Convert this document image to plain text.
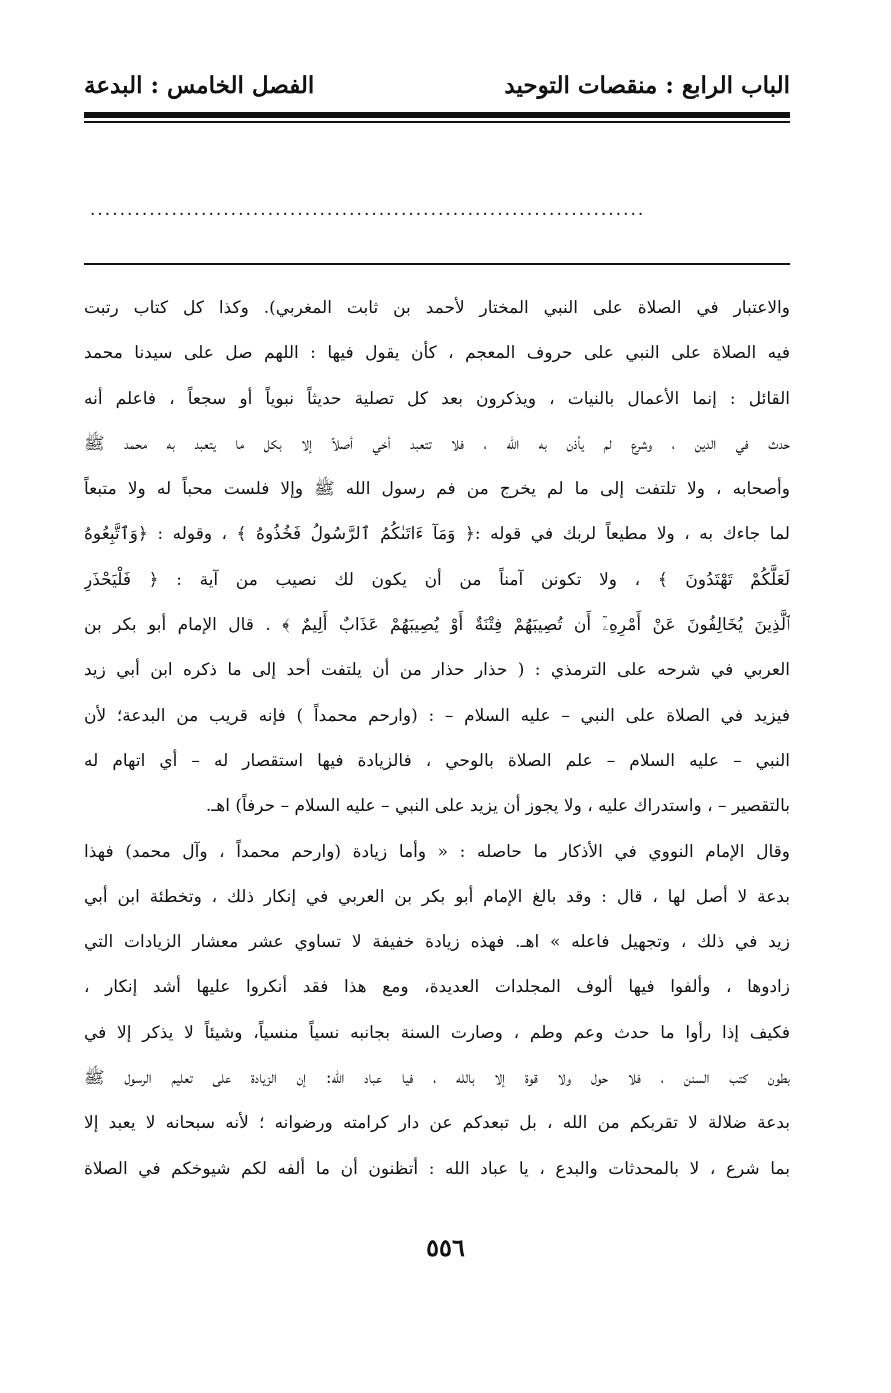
الباب الرابع : منقصات التوحيد
الفصل الخامس : البدعة
...........................................................................
والاعتبار في الصلاة على النبي المختار لأحمد بن ثابت المغربي). وكذا كل كتاب رتبت
فيه الصلاة على النبي على حروف المعجم ، كأن يقول فيها : اللهم صل على سيدنا محمد
القائل : إنما الأعمال بالنيات ، ويذكرون بعد كل تصلية حديثاً نبوياً أو سجعاً ، فاعلم أنه
حدث في الدين ، وشرع لم يأذن به الله ، فلا تتعبد أخي أصلاً إلا بكل ما يتعبد به محمد ﷺ
وأصحابه ، ولا تلتفت إلى ما لم يخرج من فم رسول الله ﷺ وإلا فلست محباً له ولا متبعاً
لما جاءك به ، ولا مطيعاً لربك في قوله :﴿ وَمَآ ءَاتَىٰكُمُ ٱلرَّسُولُ فَخُذُوهُ ﴾ ، وقوله : ﴿وَٱتَّبِعُوهُ
لَعَلَّكُمْ تَهْتَدُونَ ﴾ ، ولا تكونن آمناً من أن يكون لك نصيب من آية : ﴿ فَلْيَحْذَرِ
ٱلَّذِينَ يُخَالِفُونَ عَنْ أَمْرِهِۦٓ أَن تُصِيبَهُمْ فِتْنَةٌ أَوْ يُصِيبَهُمْ عَذَابٌ أَلِيمٌ ﴾ . قال الإمام أبو بكر بن
العربي في شرحه على الترمذي : ( حذار حذار من أن يلتفت أحد إلى ما ذكره ابن أبي زيد
فيزيد في الصلاة على النبي – عليه السلام – : (وارحم محمداً ) فإنه قريب من البدعة؛ لأن
النبي – عليه السلام – علم الصلاة بالوحي ، فالزيادة فيها استقصار له – أي اتهام له
بالتقصير – ، واستدراك عليه ، ولا يجوز أن يزيد على النبي – عليه السلام – حرفاً) اهـ.
وقال الإمام النووي في الأذكار ما حاصله : « وأما زيادة (وارحم محمداً ، وآل محمد) فهذا
بدعة لا أصل لها ، قال : وقد بالغ الإمام أبو بكر بن العربي في إنكار ذلك ، وتخطئة ابن أبي
زيد في ذلك ، وتجهيل فاعله » اهـ. فهذه زيادة خفيفة لا تساوي عشر معشار الزيادات التي
زادوها ، وألفوا فيها ألوف المجلدات العديدة، ومع هذا فقد أنكروا عليها أشد إنكار ،
فكيف إذا رأوا ما حدث وعم وطم ، وصارت السنة بجانبه نسياً منسياً، وشيئاً لا يذكر إلا في
بطون كتب السنن ، فلا حول ولا قوة إلا بالله ، فيا عباد الله: إن الزيادة على تعليم الرسول ﷺ
بدعة ضلالة لا تقربكم من الله ، بل تبعدكم عن دار كرامته ورضوانه ؛ لأنه سبحانه لا يعبد إلا
بما شرع ، لا بالمحدثات والبدع ، يا عباد الله : أتظنون أن ما ألفه لكم شيوخكم في الصلاة
٥٥٦
